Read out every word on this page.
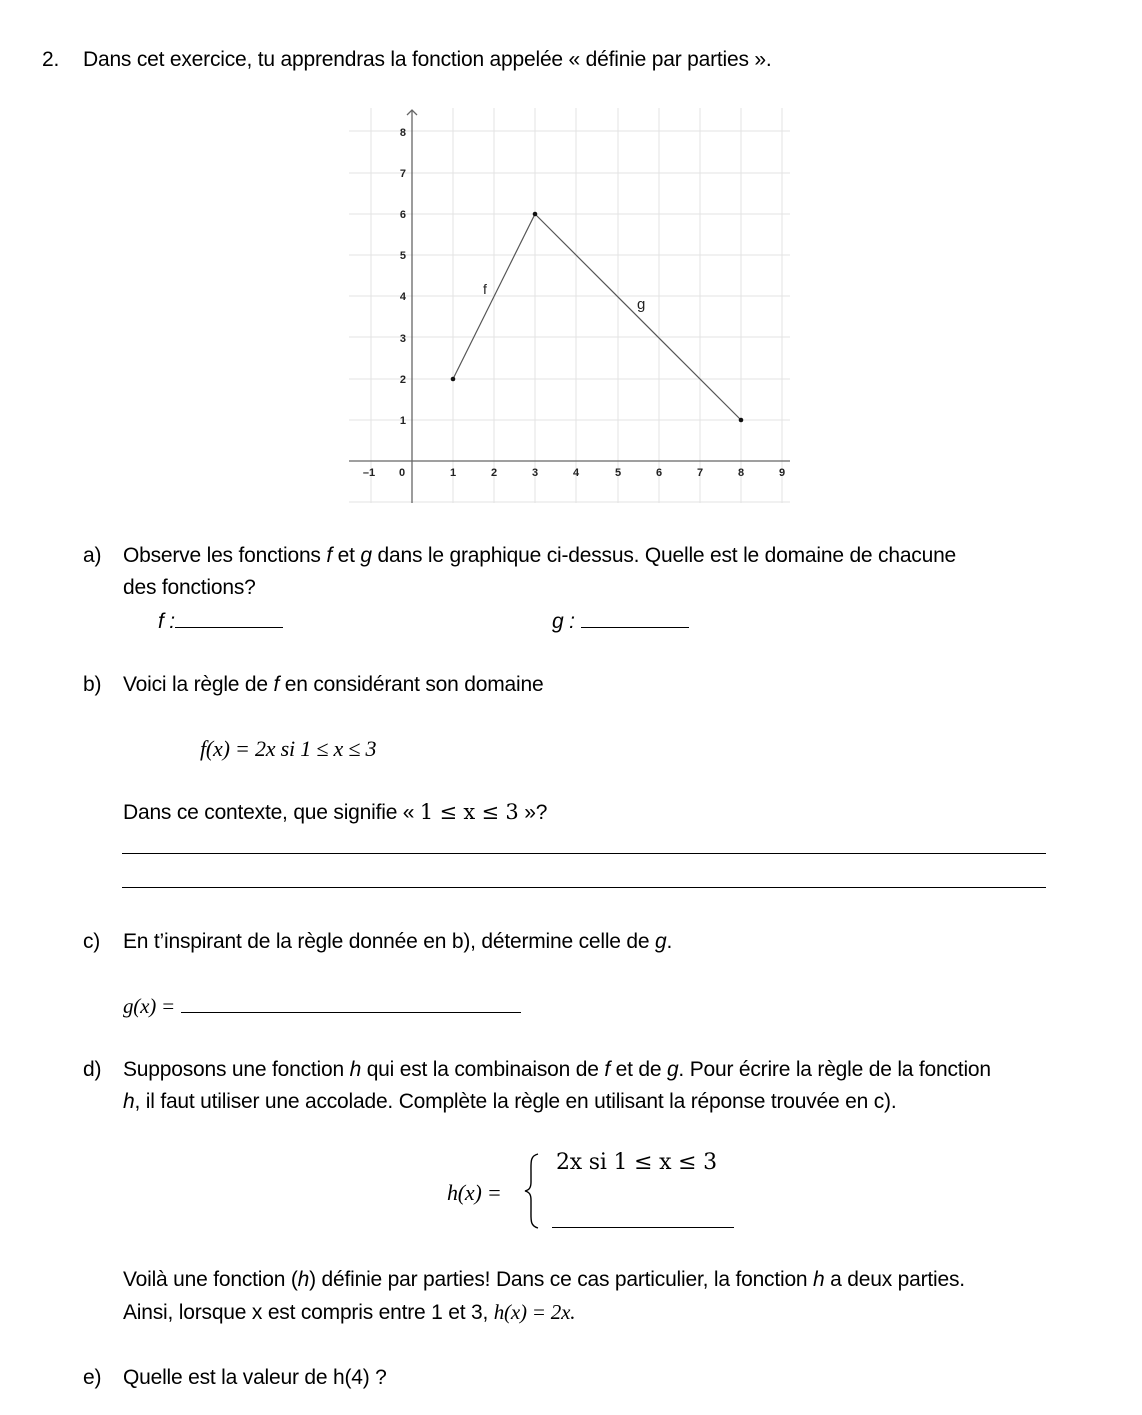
2. Dans cet exercice, tu apprendras la fonction appelée « définie par parties ».
1
2
3
4
5
6
7
8
–1 0	1	2	3	4	5	6	7	8	9
f
g
a) Observe les fonctions f et g dans le graphique ci-dessus. Quelle est le domaine de chacune
des fonctions?
f :	g :
b) Voici la règle de f en considérant son domaine
f(x) = 2x si 1 ≤ x ≤ 3
Dans ce contexte, que signifie « 1 ≤ x ≤ 3 »?
c) En t’inspirant de la règle donnée en b), détermine celle de g.
g(x) =
d) Supposons une fonction h qui est la combinaison de f et de g. Pour écrire la règle de la fonction
h, il faut utiliser une accolade. Complète la règle en utilisant la réponse trouvée en c).
h(x) =
2x si 1 ≤ x ≤ 3
Voilà une fonction (h) définie par parties! Dans ce cas particulier, la fonction h a deux parties.
Ainsi, lorsque x est compris entre 1 et 3, h(x) = 2x.
e) Quelle est la valeur de h(4) ?
